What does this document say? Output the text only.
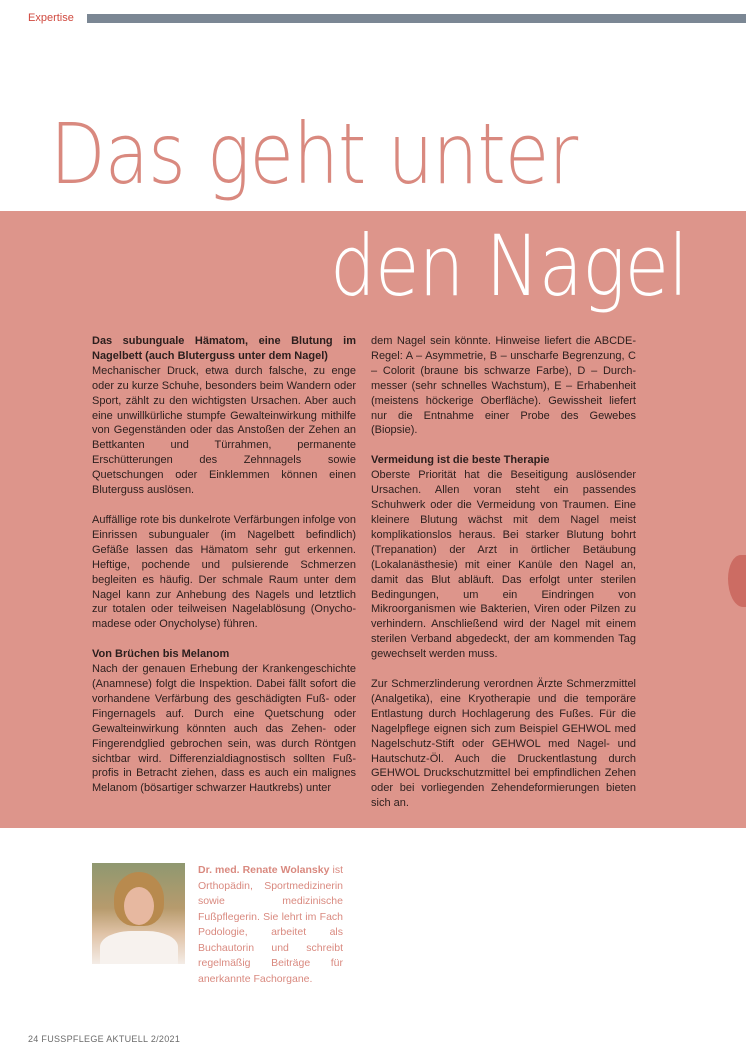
Expertise
Das geht unter
den Nagel

Das subunguale Hämatom, eine Blutung im Nagelbett (auch Bluterguss unter dem Nagel)
Mechanischer Druck, etwa durch falsche, zu enge oder zu kurze Schuhe, besonders beim Wandern oder Sport, zählt zu den wichtigsten Ursachen. Aber auch eine unwillkürliche stumpfe Gewalteinwirkung mithilfe von Gegenständen oder das Anstoßen der Zehen an Bettkanten und Türrahmen, permanente Erschütterungen des Zehnnagels sowie Quetschungen oder Einklemmen können einen Bluterguss auslösen.

Auffällige rote bis dunkelrote Verfärbungen infolge von Einrissen subungualer (im Nagelbett befindlich) Gefäße lassen das Hämatom sehr gut erkennen. Heftige, pochende und pulsierende Schmerzen begleiten es häufig. Der schmale Raum unter dem Nagel kann zur Anhebung des Nagels und letztlich zur totalen oder teilweisen Nagelablösung (Onychomadese oder Onycholyse) führen.

Von Brüchen bis Melanom

Nach der genauen Erhebung der Krankengeschichte (Anamnese) folgt die Inspektion. Dabei fällt sofort die vorhandene Verfärbung des geschädigten Fuß- oder Fingernagels auf. Durch eine Quetschung oder Gewalteinwirkung könnten auch das Zehen- oder Fingerendglied gebrochen sein, was durch Röntgen sichtbar wird. Differenzialdiagnostisch sollten Fußprofis in Betracht ziehen, dass es auch ein malignes Melanom (bösartiger schwarzer Hautkrebs) unter

dem Nagel sein könnte. Hinweise liefert die ABCDE-Regel: A – Asymmetrie, B – unscharfe Begrenzung, C – Colorit (braune bis schwarze Farbe), D – Durchmesser (sehr schnelles Wachstum), E – Erhabenheit (meistens höckerige Oberfläche). Gewissheit liefert nur die Entnahme einer Probe des Gewebes (Biopsie).

Vermeidung ist die beste Therapie

Oberste Priorität hat die Beseitigung auslösender Ursachen. Allen voran steht ein passendes Schuhwerk oder die Vermeidung von Traumen. Eine kleinere Blutung wächst mit dem Nagel meist komplikationslos heraus. Bei starker Blutung bohrt (Trepanation) der Arzt in örtlicher Betäubung (Lokalanästhesie) mit einer Kanüle den Nagel an, damit das Blut abläuft. Das erfolgt unter sterilen Bedingungen, um ein Eindringen von Mikroorganismen wie Bakterien, Viren oder Pilzen zu verhindern. Anschließend wird der Nagel mit einem sterilen Verband abgedeckt, der am kommenden Tag gewechselt werden muss.

Zur Schmerzlinderung verordnen Ärzte Schmerzmittel (Analgetika), eine Kryotherapie und die temporäre Entlastung durch Hochlagerung des Fußes. Für die Nagelpflege eignen sich zum Beispiel GEHWOL med Nagelschutz-Stift oder GEHWOL med Nagel- und Hautschutz-Öl. Auch die Druckentlastung durch GEHWOL Druckschutzmittel bei empfindlichen Zehen oder bei vorliegenden Zehendeformierungen bieten sich an.

Dr. med. Renate Wolansky ist Orthopädin, Sportmedizinerin sowie medizinische Fußpflegerin. Sie lehrt im Fach Podologie, arbeitet als Buchautorin und schreibt regelmäßig Beiträge für anerkannte Fachorgane.
24 FUSSPFLEGE AKTUELL 2/2021
